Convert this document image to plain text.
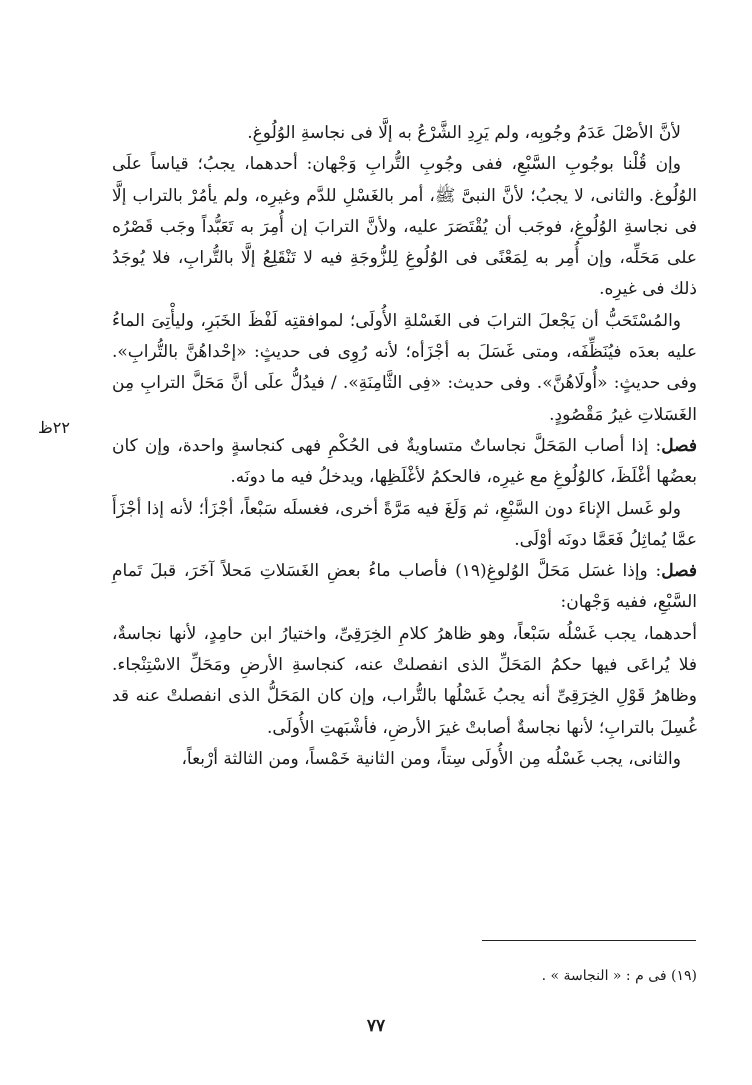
لأنَّ الأصْلَ عَدَمُ وجُوبِه، ولم يَرِدِ الشَّرْعُ به إلَّا فى نجاسةِ الوُلُوغِ.

وإن قُلْنا بوجُوبِ السَّبْعِ، ففى وجُوبِ التُّرابِ وَجْهان: أحدهما، يجبُ؛ قياساً علَى الوُلُوغ. والثانى، لا يجبُ؛ لأنَّ النبىَّ ﷺ، أمر بالغَسْلِ للدَّم وغيرِه، ولم يأمُرْ بالتراب إلَّا فى نجاسةِ الوُلُوغِ، فوجَب أن يُقْتَصَرَ عليه، ولأنَّ الترابَ إن أُمِرَ به تَعَبُّداً وجَب قَصْرُه على مَحَلِّه، وإن أُمِر به لِمَعْنًى فى الوُلُوغِ لِلزُّوجَةِ فيه لا تَنْقَلِعُ إلَّا بالتُّرابِ، فلا يُوجَدُ ذلك فى غيرِه.

والمُسْتَحَبُّ أن يَجْعلَ الترابَ فى الغَسْلةِ الأُولَى؛ لموافقتِه لَفْظَ الخَبَرِ، وليأْتِىَ الماءُ عليه بعدَه فيُنَظِّفَه، ومتى غَسَلَ به أجْزَأه؛ لأنه رُوِى فى حديثٍ: «إحْداهُنَّ بالتُّرابِ». وفى حديثٍ: «أُولَاهُنَّ». وفى حديث: «فِى الثَّامِنَةِ». / فيدُلُّ علَى أنَّ مَحَلَّ الترابِ مِن الغَسَلاتِ غيرُ مَقْصُودٍ.

فصل: إذا أصاب المَحَلَّ نجاساتٌ متساويةٌ فى الحُكْمِ فهى كنجاسةٍ واحدة، وإن كان بعضُها أغْلَظَ، كالوُلُوغِ مع غيرِه، فالحكمُ لأغْلَظِها، ويدخلُ فيه ما دونَه.

ولو غَسل الإناءَ دون السَّبْعِ، ثم وَلَغَ فيه مَرَّةً أخرى، فغسلَه سَبْعاً، أجْزَأ؛ لأنه إذا أجْزَأَ عمَّا يُماثِلُ فَعَمَّا دونَه أوْلَى.

فصل: وإذا غسَل مَحَلَّ الوُلوغِ(١٩) فأصاب ماءُ بعضِ الغَسَلاتِ مَحلاً آخَرَ، قبلَ تَمامِ السَّبْعِ، ففيه وَجْهان:

أحدهما، يجب غَسْلُه سَبْعاً، وهو ظاهرُ كلامِ الخِرَقِىِّ، واختيارُ ابن حامِدٍ، لأنها نجاسةٌ، فلا يُراعَى فيها حكمُ المَحَلِّ الذى انفصلتْ عنه، كنجاسةِ الأرضِ ومَحَلِّ الاسْتِنْجاء. وظاهرُ قَوْلِ الخِرَقِىِّ أنه يجبُ غَسْلُها بالتُّراب، وإن كان المَحَلُّ الذى انفصلتْ عنه قد غُسِلَ بالترابِ؛ لأنها نجاسةٌ أصابتْ غيرَ الأرضِ، فأشْبَهتِ الأُولَى.

والثانى، يجب غَسْلُه مِن الأُولَى سِتاً، ومن الثانية خَمْساً، ومن الثالثة أرْبعاً،

٢٢ظ
(١٩) فى م : « النجاسة » .
٧٧
